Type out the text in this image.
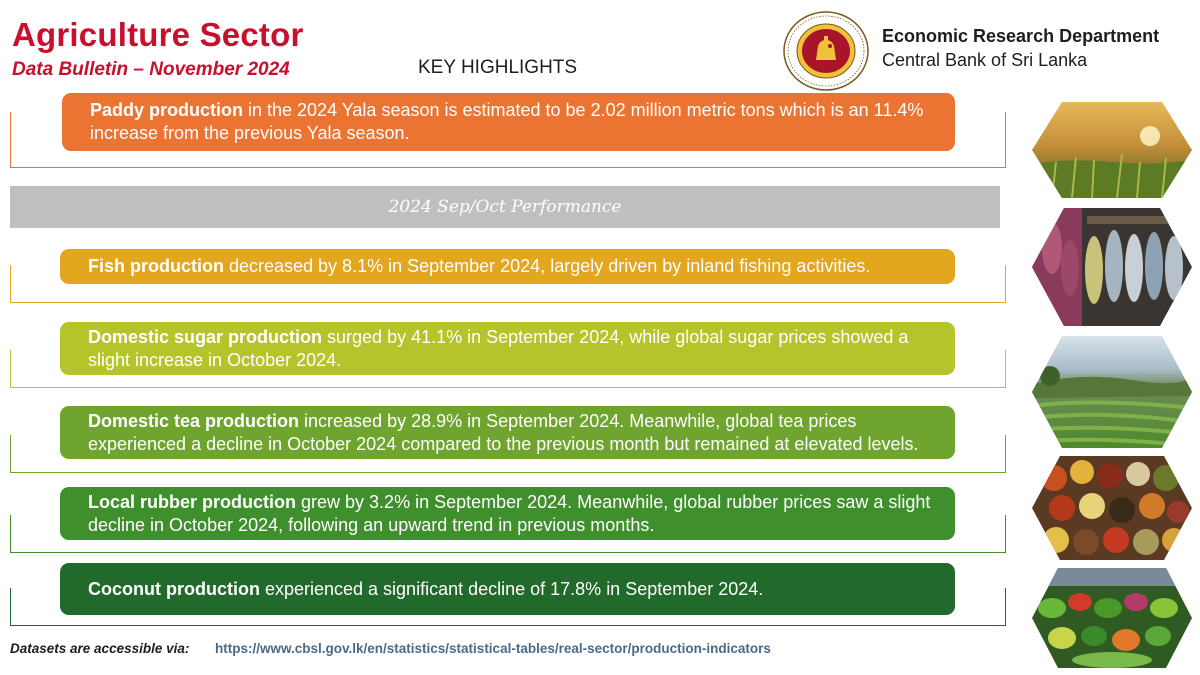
Agriculture Sector
Data Bulletin – November 2024	KEY HIGHLIGHTS
Economic Research Department
Central Bank of Sri Lanka
Paddy production in the 2024 Yala season is estimated to be 2.02 million metric tons which is an 11.4% increase from the previous Yala season.
2024 Sep/Oct Performance
Fish production decreased by 8.1% in September 2024, largely driven by inland fishing activities.
Domestic sugar production surged by 41.1% in September 2024, while global sugar prices showed a slight increase in October 2024.
Domestic tea production increased by 28.9% in September 2024. Meanwhile, global tea prices experienced a decline in October 2024 compared to the previous month but remained at elevated levels.
Local rubber production grew by 3.2% in September 2024. Meanwhile, global rubber prices saw a slight decline in October 2024, following an upward trend in previous months.
Coconut production experienced a significant decline of 17.8% in September 2024.
Datasets are accessible via: https://www.cbsl.gov.lk/en/statistics/statistical-tables/real-sector/production-indicators
